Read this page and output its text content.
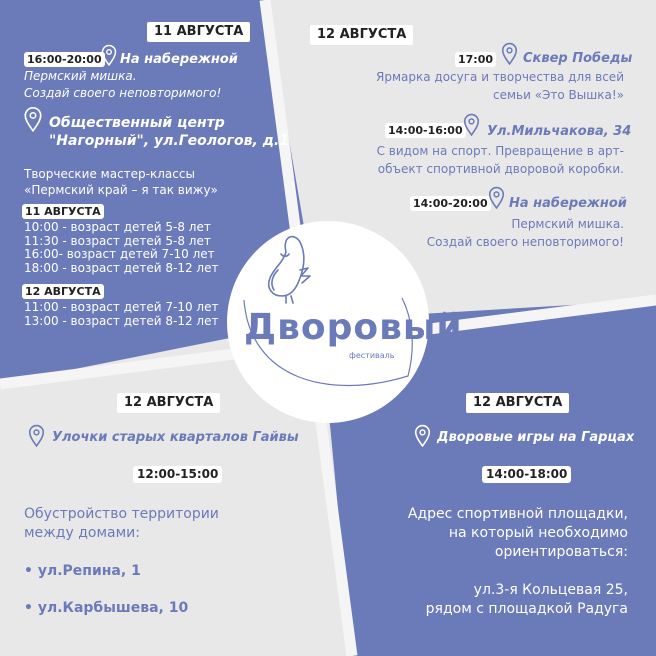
11 АВГУСТА
16:00-20:00 На набережной
Пермский мишка.
Создай своего неповторимого!
Общественный центр
"Нагорный", ул.Геологов, д.1
Творческие мастер-классы
«Пермский край – я так вижу»
11 АВГУСТА
10:00 - возраст детей 5-8 лет
11:30 - возраст детей 5-8 лет
16:00- возраст детей 7-10 лет
18:00 - возраст детей 8-12 лет
12 АВГУСТА
11:00 - возраст детей 7-10 лет
13:00 - возраст детей 8-12 лет
12 АВГУСТА
17:00 Сквер Победы
Ярмарка досуга и творчества для всей
семьи «Это Вышка!»
14:00-16:00 Ул.Мильчакова, 34
С видом на спорт. Превращение в арт-
объект спортивной дворовой коробки.
14:00-20:00 На набережной
Пермский мишка.
Создай своего неповторимого!
Дворовый
фестиваль
12 АВГУСТА
Улочки старых кварталов Гайвы
12:00-15:00
Обустройство территории
между домами:
• ул.Репина, 1
• ул.Карбышева, 10
12 АВГУСТА
Дворовые игры на Гарцах
14:00-18:00
Адрес спортивной площадки,
на который необходимо
ориентироваться:
ул.3-я Кольцевая 25,
рядом с площадкой Радуга
